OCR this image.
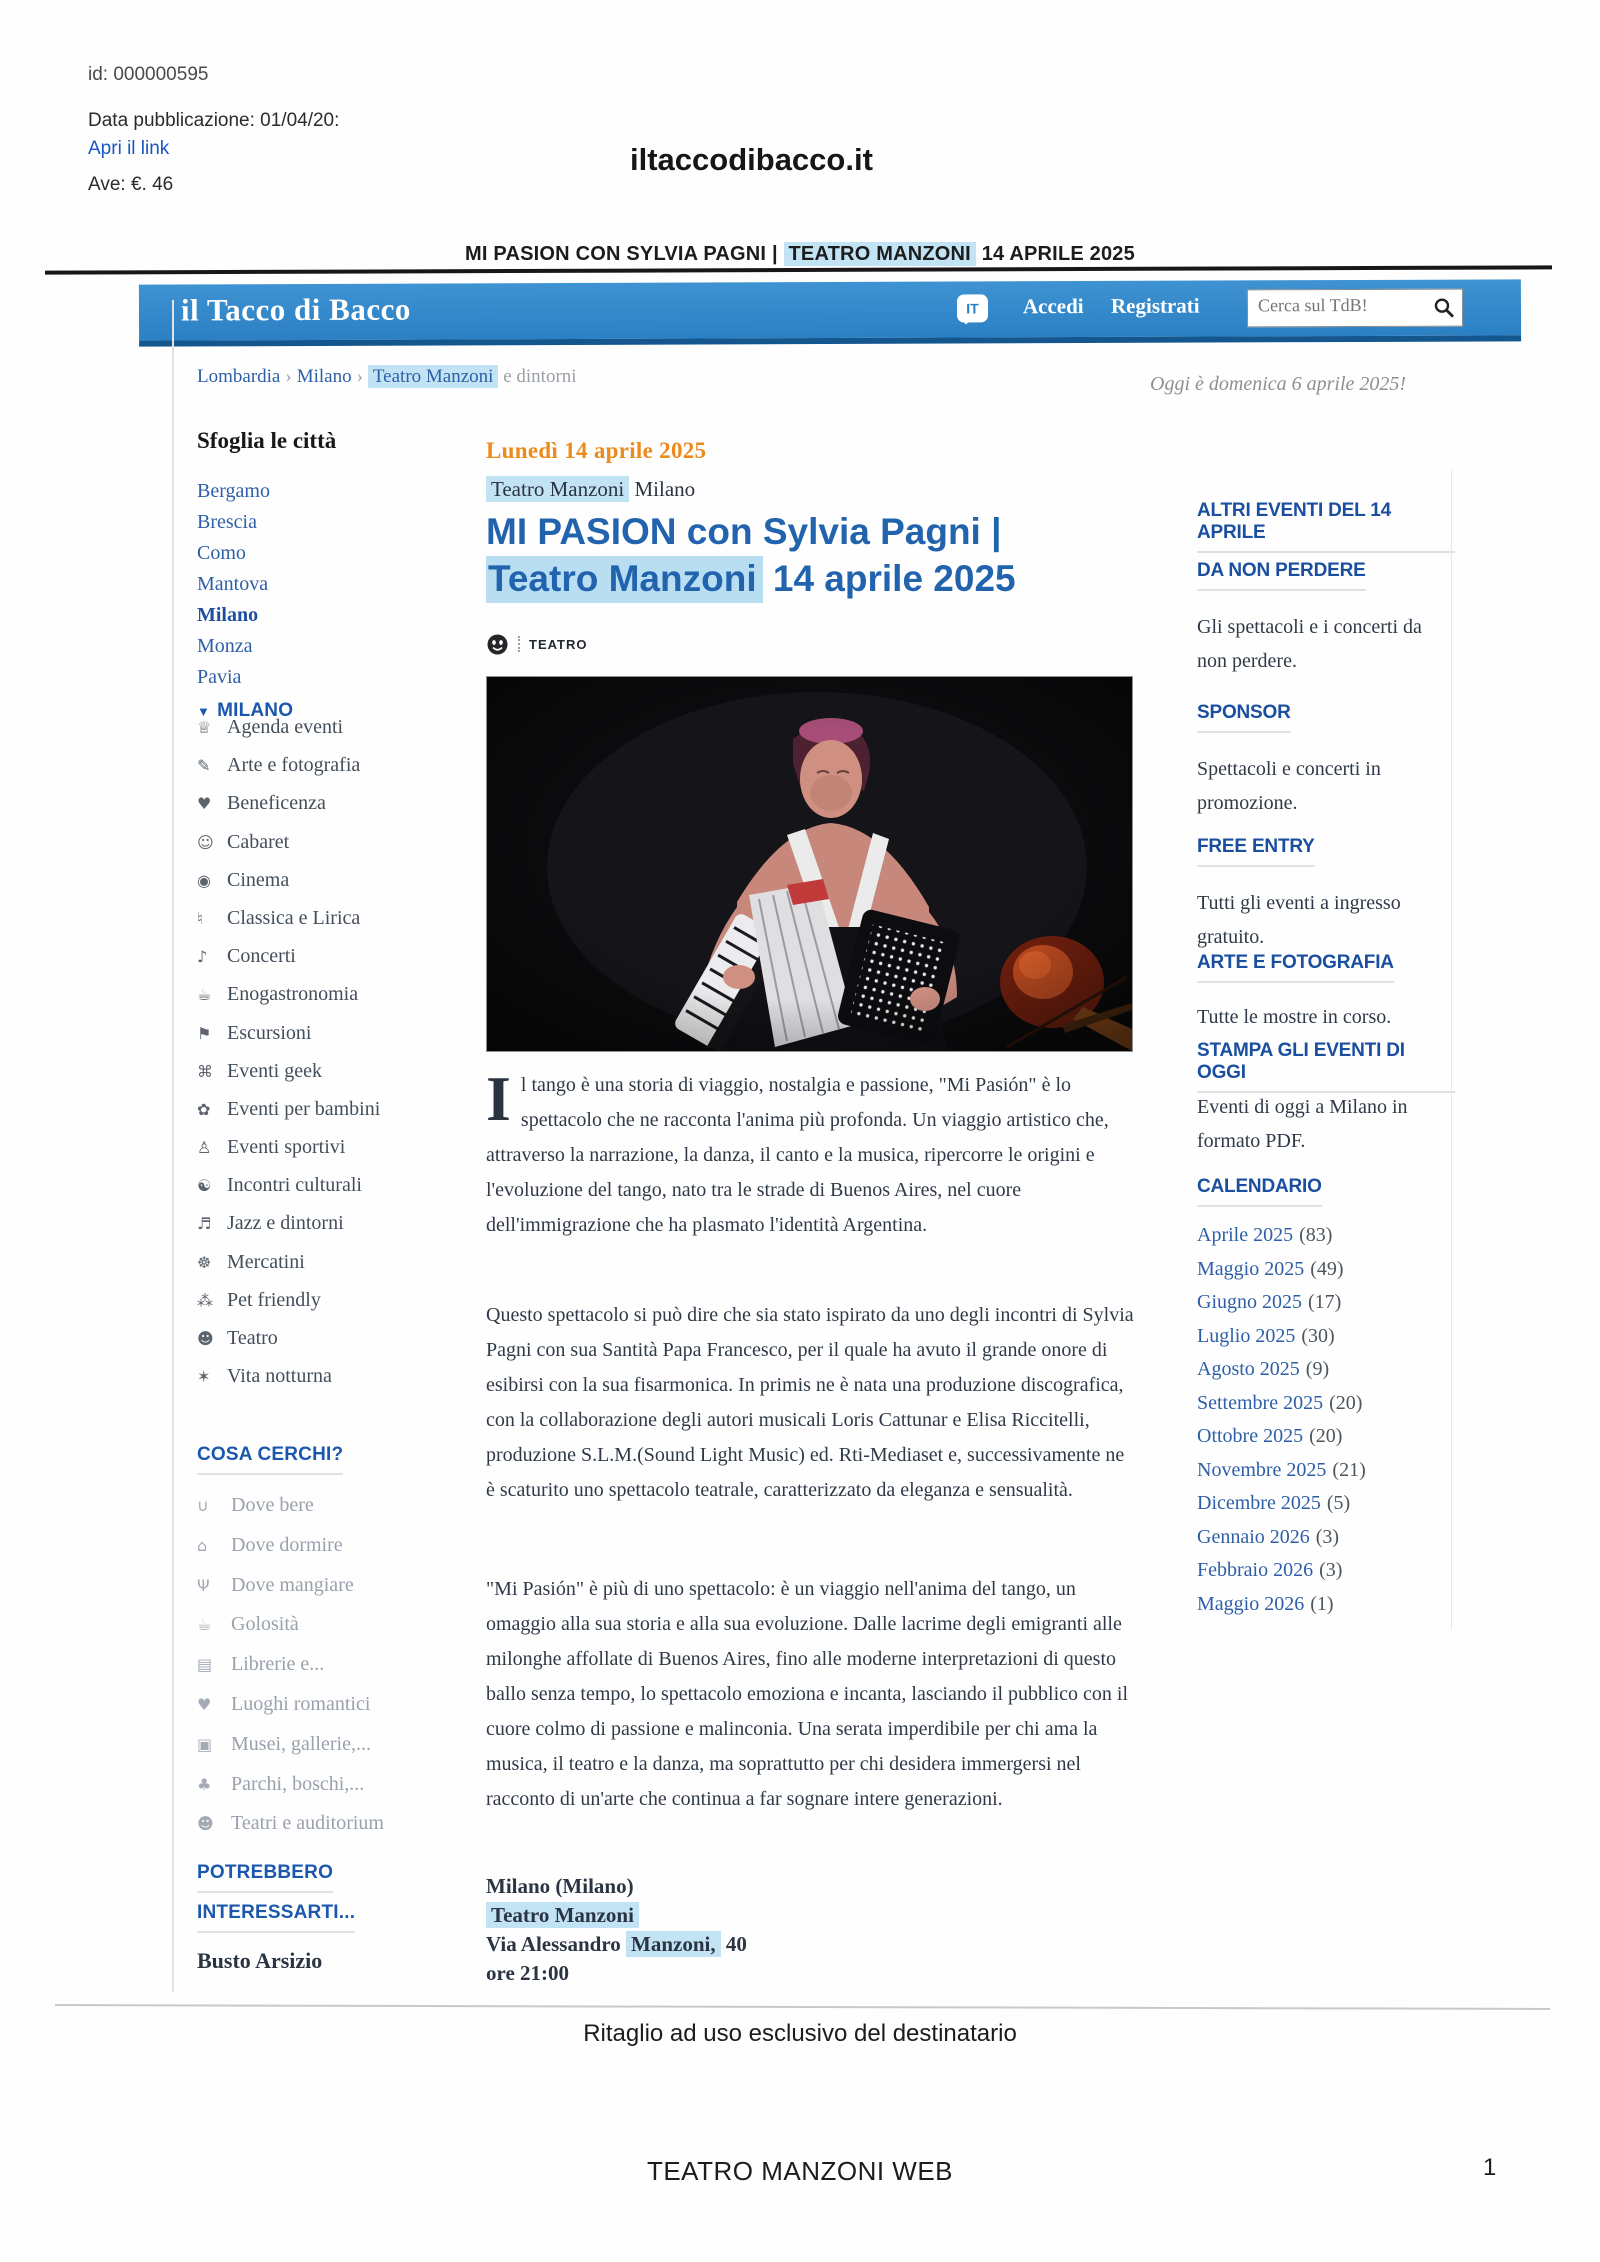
id: 000000595
Data pubblicazione: 01/04/20:
Apri il link
Ave: €. 46
iltaccodibacco.it
MI PASION CON SYLVIA PAGNI | TEATRO MANZONI 14 APRILE 2025
il Tacco di Bacco	IT	Accedi Registrati
Cerca sul TdB!
Lombardia › Milano › Teatro Manzoni e dintorni	Oggi è domenica 6 aprile 2025!
Sfoglia le città
Bergamo
Brescia
Como
Mantova
Milano
Monza
Pavia
▼ MILANO
♕ Agenda eventi
✎ Arte e fotografia
♥ Beneficenza
☺ Cabaret
◉ Cinema
♮ Classica e Lirica
♪ Concerti
☕ Enogastronomia
⚑ Escursioni
⌘ Eventi geek
✿ Eventi per bambini
♙ Eventi sportivi
☯ Incontri culturali
♬ Jazz e dintorni
☸ Mercatini
⁂ Pet friendly
☻ Teatro
✶ Vita notturna
COSA CERCHI?
∪ Dove bere
⌂ Dove dormire
Ψ Dove mangiare
☕ Golosità
▤ Librerie e...
♥ Luoghi romantici
▣ Musei, gallerie,...
♣ Parchi, boschi,...
☻ Teatri e auditorium
POTREBBERO
INTERESSARTI...
Busto Arsizio
Lunedì 14 aprile 2025
Teatro Manzoni Milano
MI PASION con Sylvia Pagni |
Teatro Manzoni 14 aprile 2025
TEATRO

Il tango è una storia di viaggio, nostalgia e passione, "Mi Pasión" è lo spettacolo che ne racconta l'anima più profonda. Un viaggio artistico che, attraverso la narrazione, la danza, il canto e la musica, ripercorre le origini e l'evoluzione del tango, nato tra le strade di Buenos Aires, nel cuore dell'immigrazione che ha plasmato l'identità Argentina.

Questo spettacolo si può dire che sia stato ispirato da uno degli incontri di Sylvia Pagni con sua Santità Papa Francesco, per il quale ha avuto il grande onore di esibirsi con la sua fisarmonica. In primis ne è nata una produzione discografica, con la collaborazione degli autori musicali Loris Cattunar e Elisa Riccitelli, produzione S.L.M.(Sound Light Music) ed. Rti-Mediaset e, successivamente ne è scaturito uno spettacolo teatrale, caratterizzato da eleganza e sensualità.

"Mi Pasión" è più di uno spettacolo: è un viaggio nell'anima del tango, un omaggio alla sua storia e alla sua evoluzione. Dalle lacrime degli emigranti alle milonghe affollate di Buenos Aires, fino alle moderne interpretazioni di questo ballo senza tempo, lo spettacolo emoziona e incanta, lasciando il pubblico con il cuore colmo di passione e malinconia. Una serata imperdibile per chi ama la musica, il teatro e la danza, ma soprattutto per chi desidera immergersi nel racconto di un'arte che continua a far sognare intere generazioni.

Milano (Milano)
Teatro Manzoni
Via Alessandro Manzoni, 40
ore 21:00
ALTRI EVENTI DEL 14 APRILE
DA NON PERDERE
Gli spettacoli e i concerti da non perdere.
SPONSOR
Spettacoli e concerti in promozione.
FREE ENTRY
Tutti gli eventi a ingresso gratuito.
ARTE E FOTOGRAFIA
Tutte le mostre in corso.
STAMPA GLI EVENTI DI OGGI
Eventi di oggi a Milano in formato PDF.
CALENDARIO
Aprile 2025 (83)
Maggio 2025 (49)
Giugno 2025 (17)
Luglio 2025 (30)
Agosto 2025 (9)
Settembre 2025 (20)
Ottobre 2025 (20)
Novembre 2025 (21)
Dicembre 2025 (5)
Gennaio 2026 (3)
Febbraio 2026 (3)
Maggio 2026 (1)
Ritaglio ad uso esclusivo del destinatario
TEATRO MANZONI WEB	1
